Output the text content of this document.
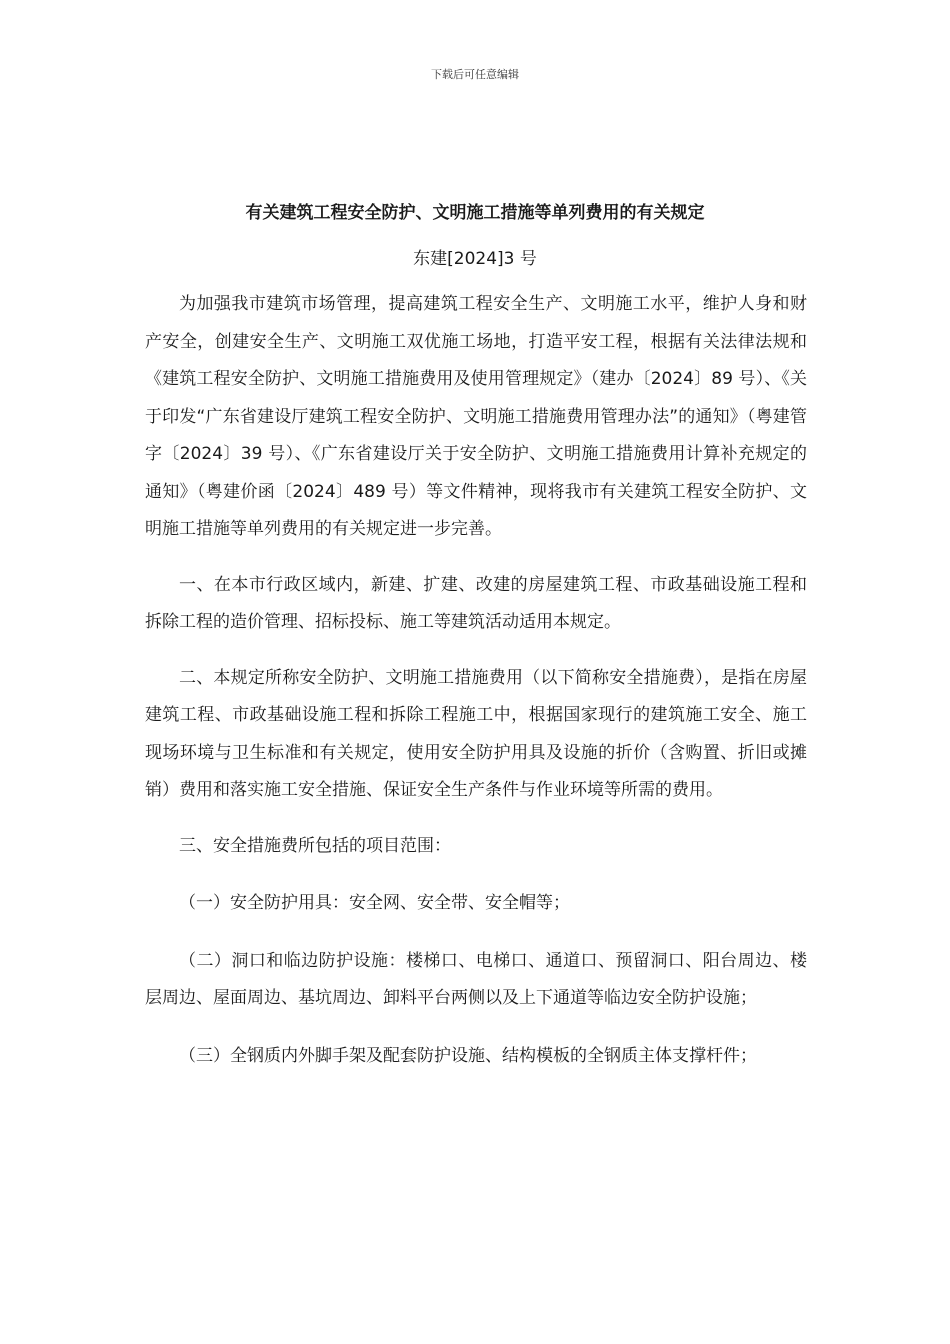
下载后可任意编辑
有关建筑工程安全防护、文明施工措施等单列费用的有关规定
东建[2024]3 号

为加强我市建筑市场管理，提高建筑工程安全生产、文明施工水平，维护人身和财产安全，创建安全生产、文明施工双优施工场地，打造平安工程，根据有关法律法规和《建筑工程安全防护、文明施工措施费用及使用管理规定》（建办〔2024〕89 号）、《关于印发“广东省建设厅建筑工程安全防护、文明施工措施费用管理办法”的通知》（粤建管字〔2024〕39 号）、《广东省建设厅关于安全防护、文明施工措施费用计算补充规定的通知》（粤建价函〔2024〕489 号）等文件精神，现将我市有关建筑工程安全防护、文明施工措施等单列费用的有关规定进一步完善。

一、在本市行政区域内，新建、扩建、改建的房屋建筑工程、市政基础设施工程和拆除工程的造价管理、招标投标、施工等建筑活动适用本规定。

二、本规定所称安全防护、文明施工措施费用（以下简称安全措施费），是指在房屋建筑工程、市政基础设施工程和拆除工程施工中，根据国家现行的建筑施工安全、施工现场环境与卫生标准和有关规定，使用安全防护用具及设施的折价（含购置、折旧或摊销）费用和落实施工安全措施、保证安全生产条件与作业环境等所需的费用。

三、安全措施费所包括的项目范围：

（一）安全防护用具：安全网、安全带、安全帽等；

（二）洞口和临边防护设施：楼梯口、电梯口、通道口、预留洞口、阳台周边、楼层周边、屋面周边、基坑周边、卸料平台两侧以及上下通道等临边安全防护设施；

（三）全钢质内外脚手架及配套防护设施、结构模板的全钢质主体支撑杆件；
